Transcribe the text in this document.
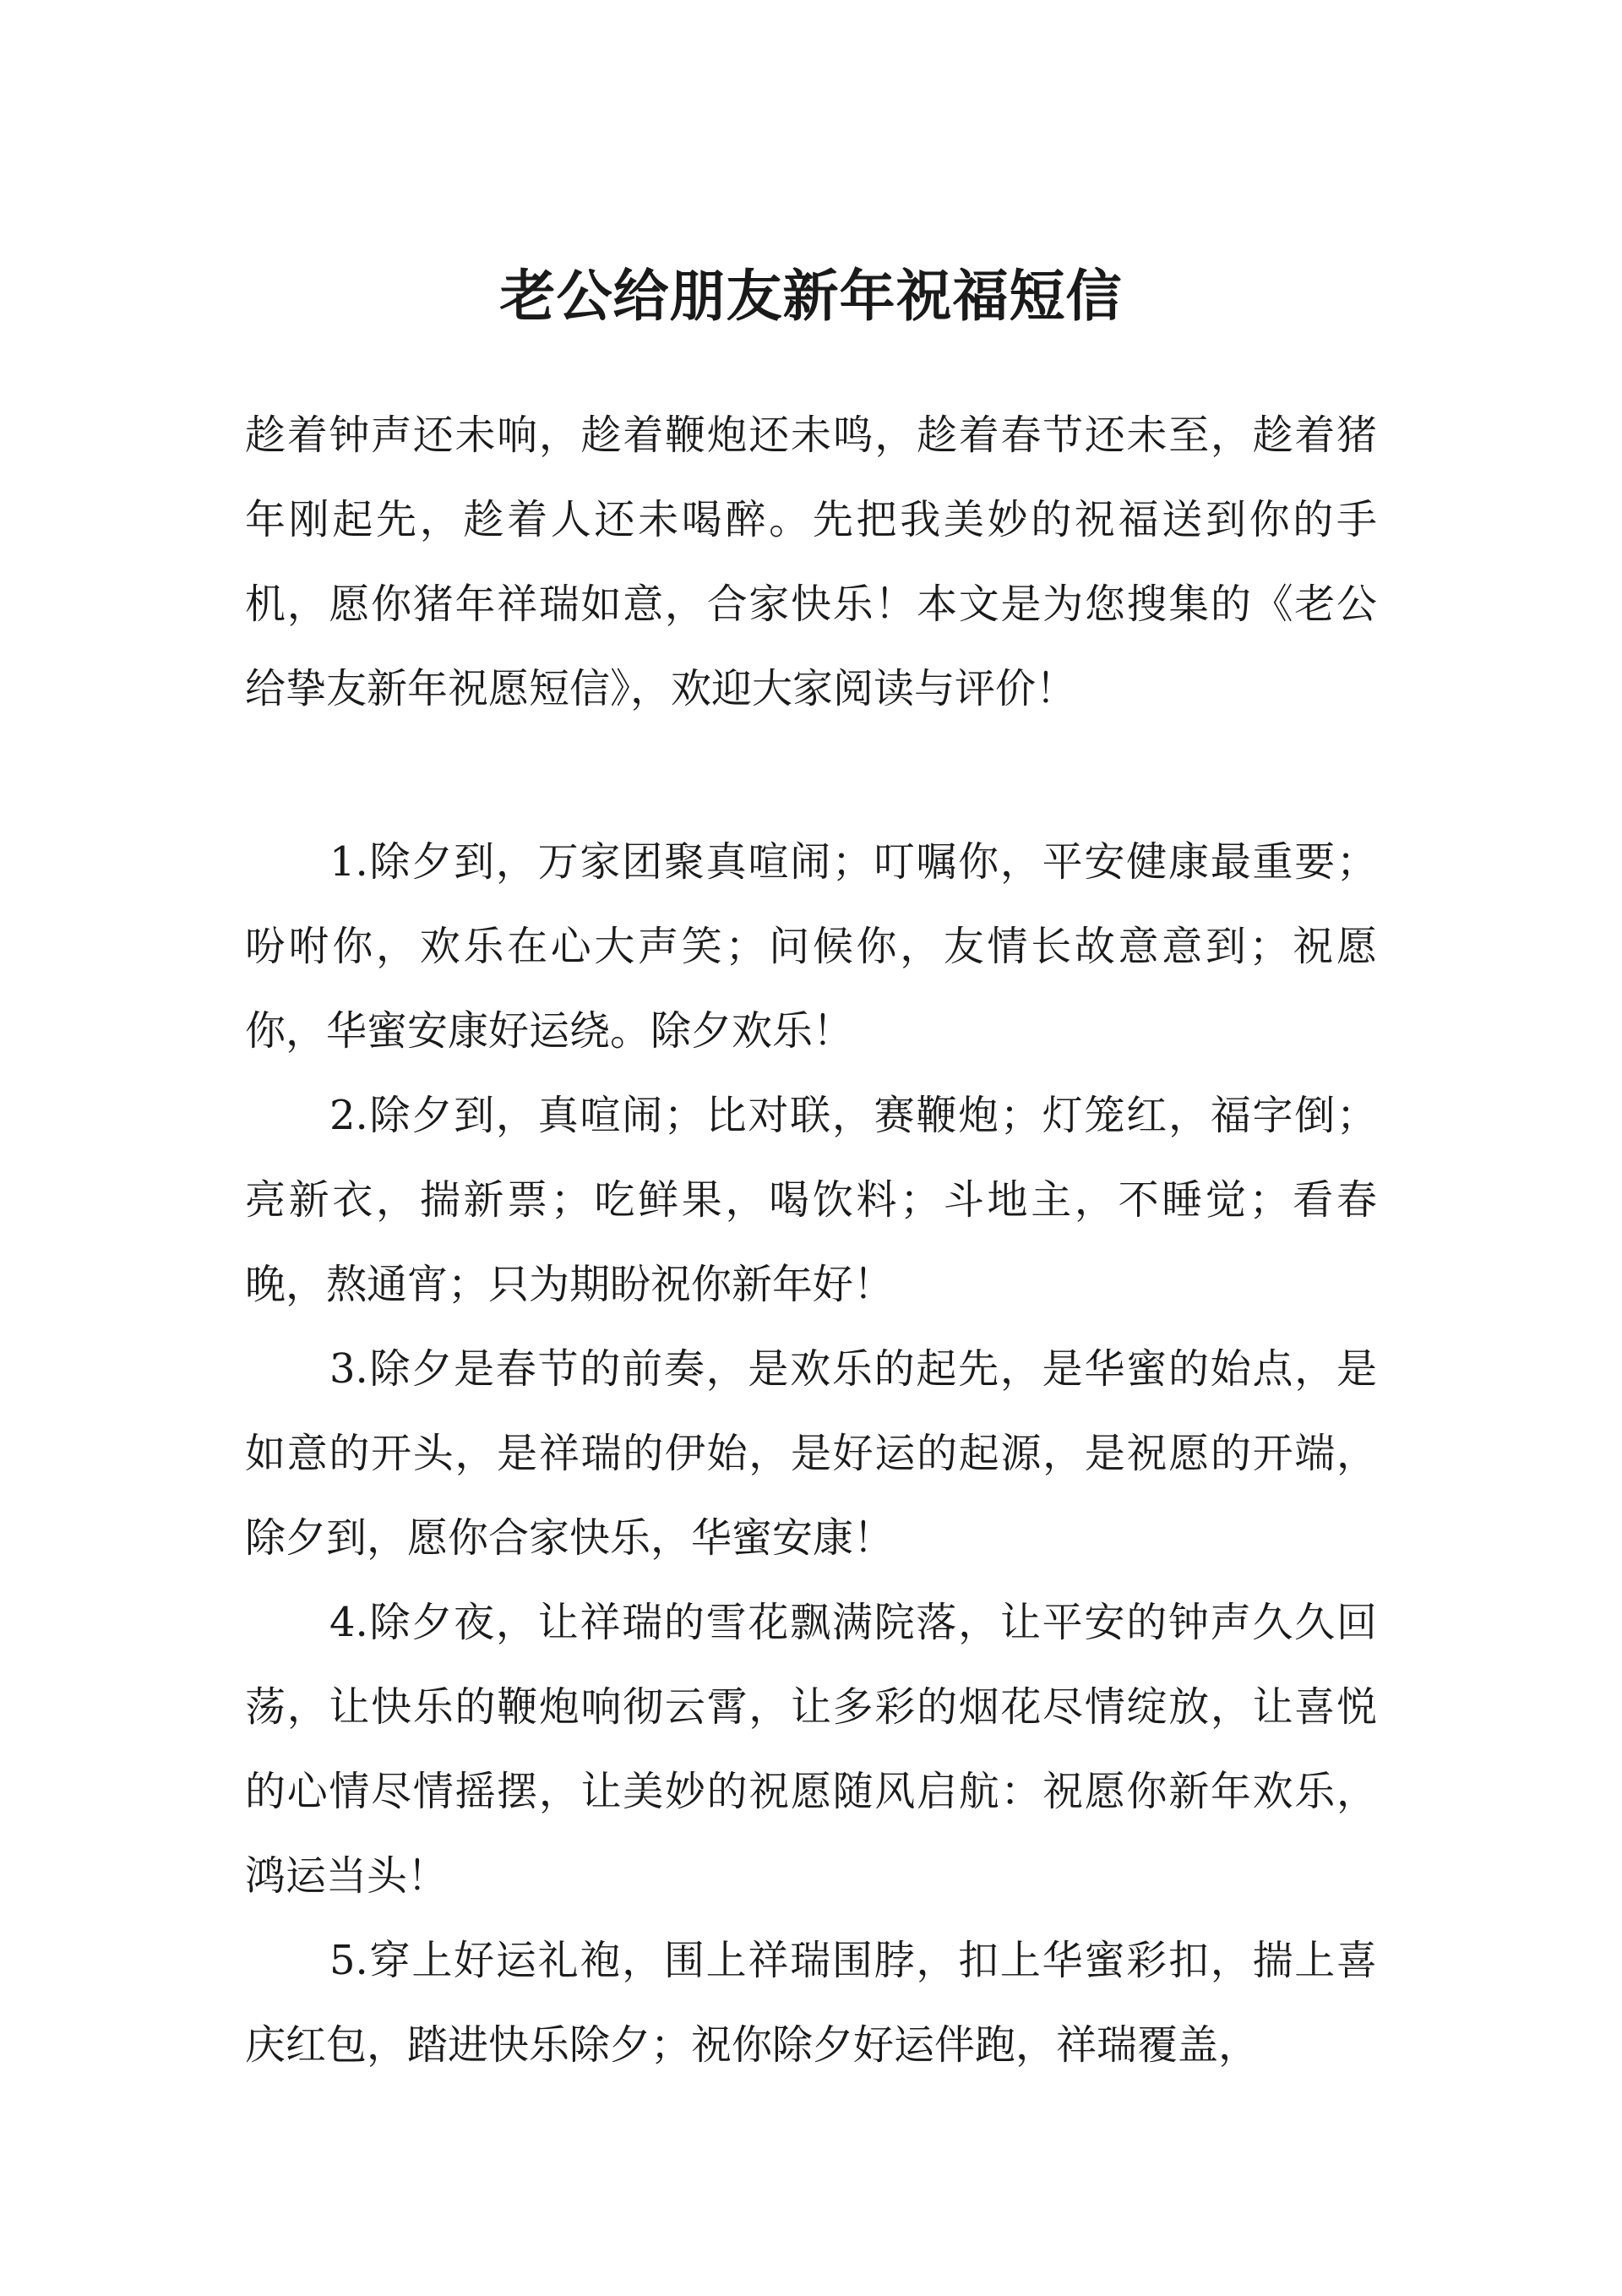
老公给朋友新年祝福短信

趁着钟声还未响，趁着鞭炮还未鸣，趁着春节还未至，趁着猪年刚起先，趁着人还未喝醉。先把我美妙的祝福送到你的手机，愿你猪年祥瑞如意，合家快乐！本文是为您搜集的《老公给挚友新年祝愿短信》，欢迎大家阅读与评价！

1.除夕到，万家团聚真喧闹；叮嘱你，平安健康最重要；吩咐你，欢乐在心大声笑；问候你，友情长故意意到；祝愿你，华蜜安康好运绕。除夕欢乐！

2.除夕到，真喧闹；比对联，赛鞭炮；灯笼红，福字倒；亮新衣，揣新票；吃鲜果，喝饮料；斗地主，不睡觉；看春晚，熬通宵；只为期盼祝你新年好！

3.除夕是春节的前奏，是欢乐的起先，是华蜜的始点，是如意的开头，是祥瑞的伊始，是好运的起源，是祝愿的开端，除夕到，愿你合家快乐，华蜜安康！

4.除夕夜，让祥瑞的雪花飘满院落，让平安的钟声久久回荡，让快乐的鞭炮响彻云霄，让多彩的烟花尽情绽放，让喜悦的心情尽情摇摆，让美妙的祝愿随风启航：祝愿你新年欢乐，鸿运当头！

5.穿上好运礼袍，围上祥瑞围脖，扣上华蜜彩扣，揣上喜庆红包，踏进快乐除夕；祝你除夕好运伴跑，祥瑞覆盖，
